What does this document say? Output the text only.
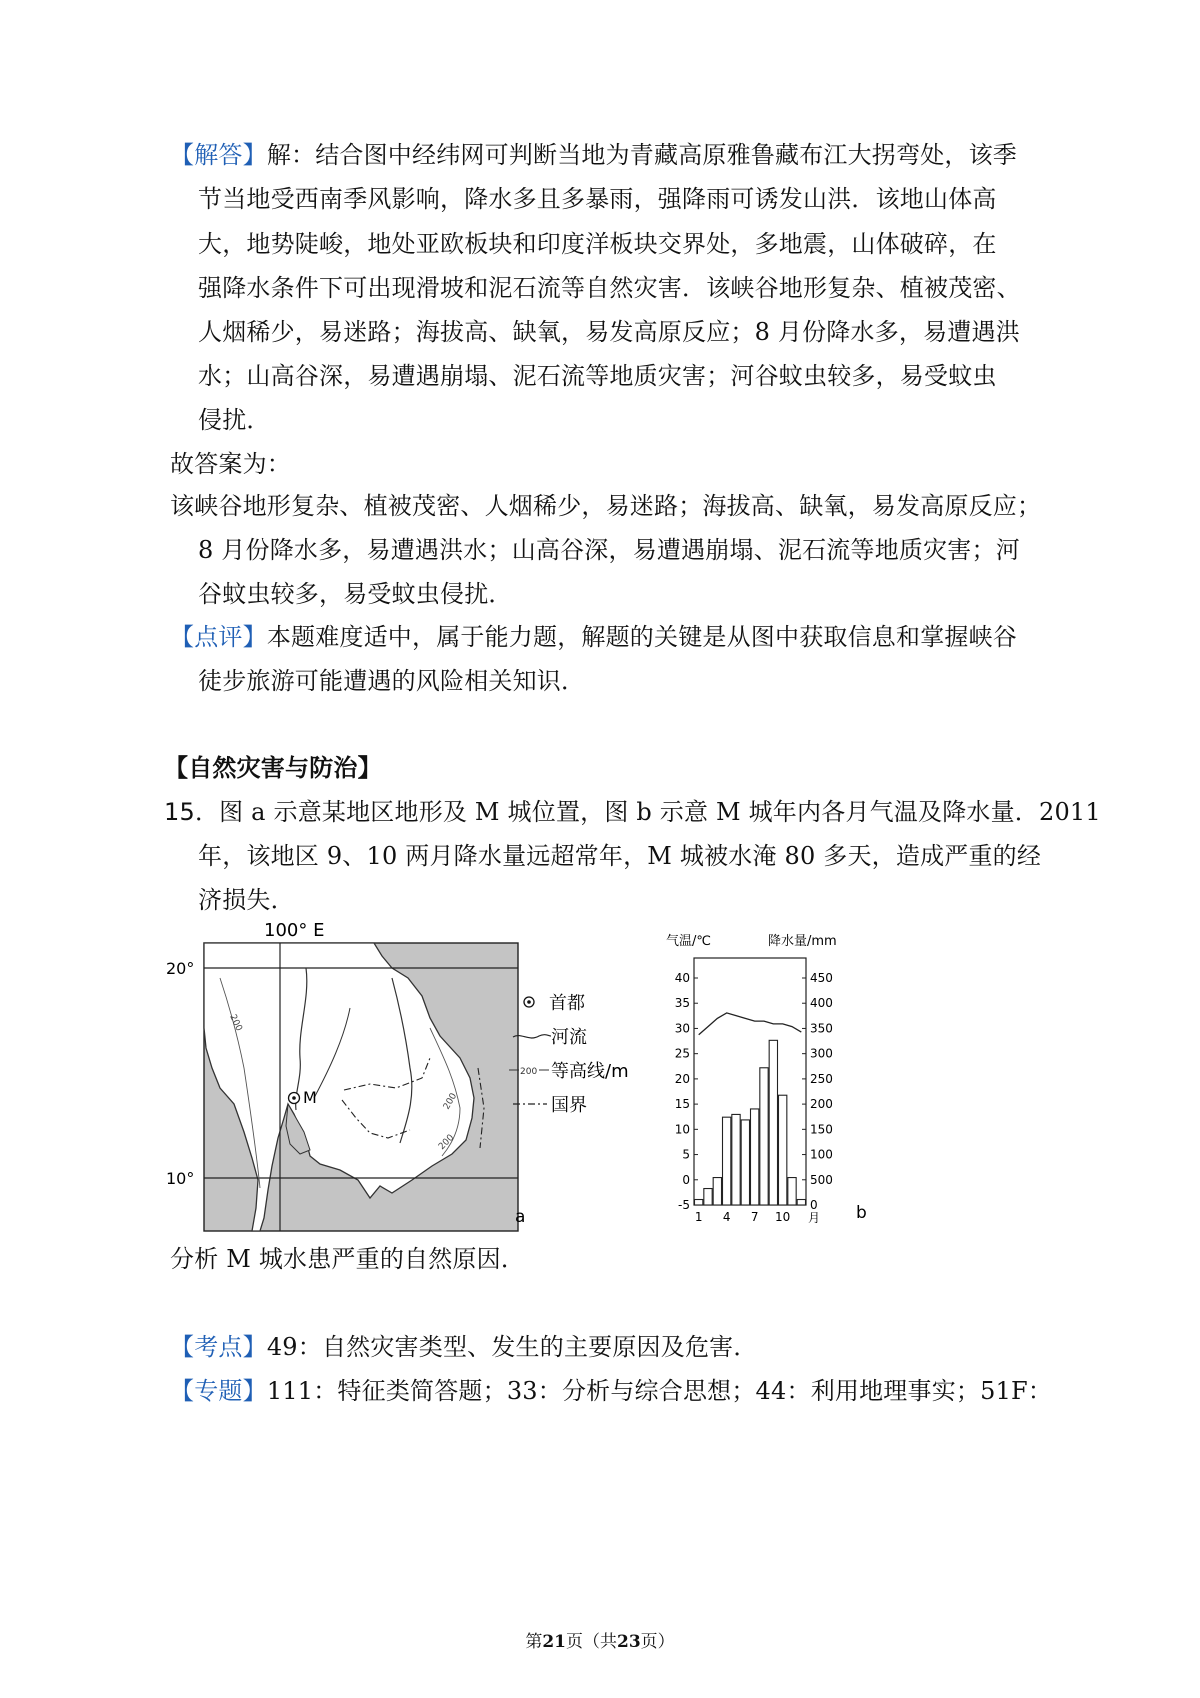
【解答】解：结合图中经纬网可判断当地为青藏高原雅鲁藏布江大拐弯处，该季
节当地受西南季风影响，降水多且多暴雨，强降雨可诱发山洪．该地山体高
大，地势陡峻，地处亚欧板块和印度洋板块交界处，多地震，山体破碎，在
强降水条件下可出现滑坡和泥石流等自然灾害．该峡谷地形复杂、植被茂密、
人烟稀少，易迷路；海拔高、缺氧，易发高原反应；8 月份降水多，易遭遇洪
水；山高谷深，易遭遇崩塌、泥石流等地质灾害；河谷蚊虫较多，易受蚊虫
侵扰．
故答案为：
该峡谷地形复杂、植被茂密、人烟稀少，易迷路；海拔高、缺氧，易发高原反应；
8 月份降水多，易遭遇洪水；山高谷深，易遭遇崩塌、泥石流等地质灾害；河
谷蚊虫较多，易受蚊虫侵扰．
【点评】本题难度适中，属于能力题，解题的关键是从图中获取信息和掌握峡谷
徒步旅游可能遭遇的风险相关知识．
【自然灾害与防治】
15．图 a 示意某地区地形及 M 城位置，图 b 示意 M 城年内各月气温及降水量．2011
年，该地区 9、10 两月降水量远超常年，M 城被水淹 80 多天，造成严重的经
济损失．
200
200
200
M
100° E
20°
10°
a
首都
河流
200 等高线/m
国界
气温/℃	降水量/mm
40
35
30
25
20
15
10
5
0
-5
450
400
350
300
250
200
150
100
500
0
1 4 7 10 月 b
分析 M 城水患严重的自然原因．
【考点】49：自然灾害类型、发生的主要原因及危害．
【专题】111：特征类简答题；33：分析与综合思想；44：利用地理事实；51F：
第21页（共23页）
